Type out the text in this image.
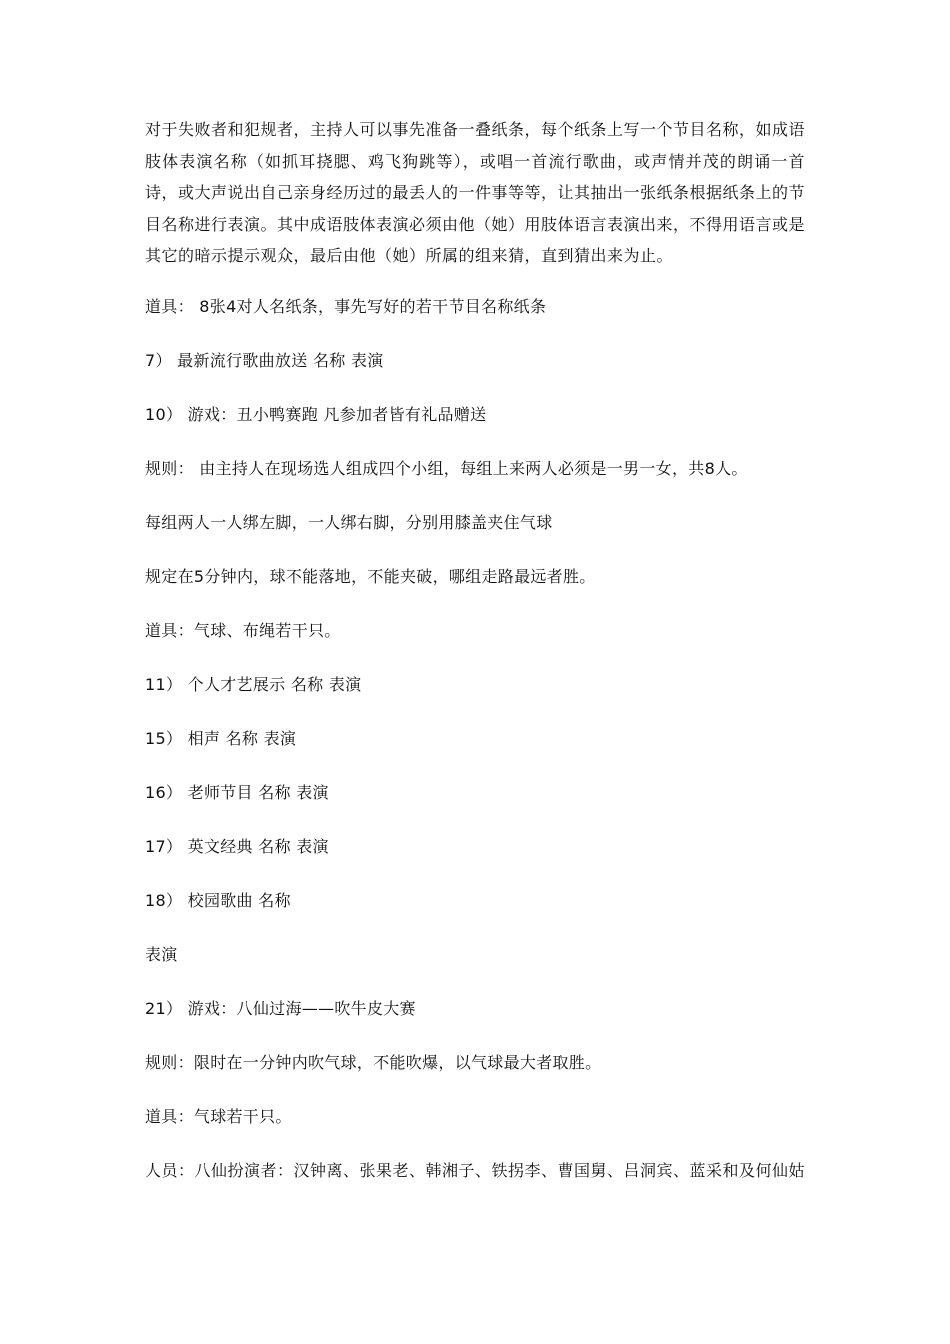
对于失败者和犯规者，主持人可以事先准备一叠纸条，每个纸条上写一个节目名称，如成语肢体表演名称（如抓耳挠腮、鸡飞狗跳等），或唱一首流行歌曲，或声情并茂的朗诵一首诗，或大声说出自己亲身经历过的最丢人的一件事等等，让其抽出一张纸条根据纸条上的节目名称进行表演。其中成语肢体表演必须由他（她）用肢体语言表演出来，不得用语言或是其它的暗示提示观众，最后由他（她）所属的组来猜，直到猜出来为止。

道具： 8张4对人名纸条，事先写好的若干节目名称纸条

7） 最新流行歌曲放送 名称 表演

10） 游戏：丑小鸭赛跑 凡参加者皆有礼品赠送

规则： 由主持人在现场选人组成四个小组，每组上来两人必须是一男一女，共8人。

每组两人一人绑左脚，一人绑右脚，分别用膝盖夹住气球

规定在5分钟内，球不能落地，不能夹破，哪组走路最远者胜。

道具：气球、布绳若干只。

11） 个人才艺展示 名称 表演

15） 相声 名称 表演

16） 老师节目 名称 表演

17） 英文经典 名称 表演

18） 校园歌曲 名称

表演

21） 游戏：八仙过海——吹牛皮大赛

规则：限时在一分钟内吹气球，不能吹爆，以气球最大者取胜。

道具：气球若干只。

人员：八仙扮演者：汉钟离、张果老、韩湘子、铁拐李、曹国舅、吕洞宾、蓝采和及何仙姑
